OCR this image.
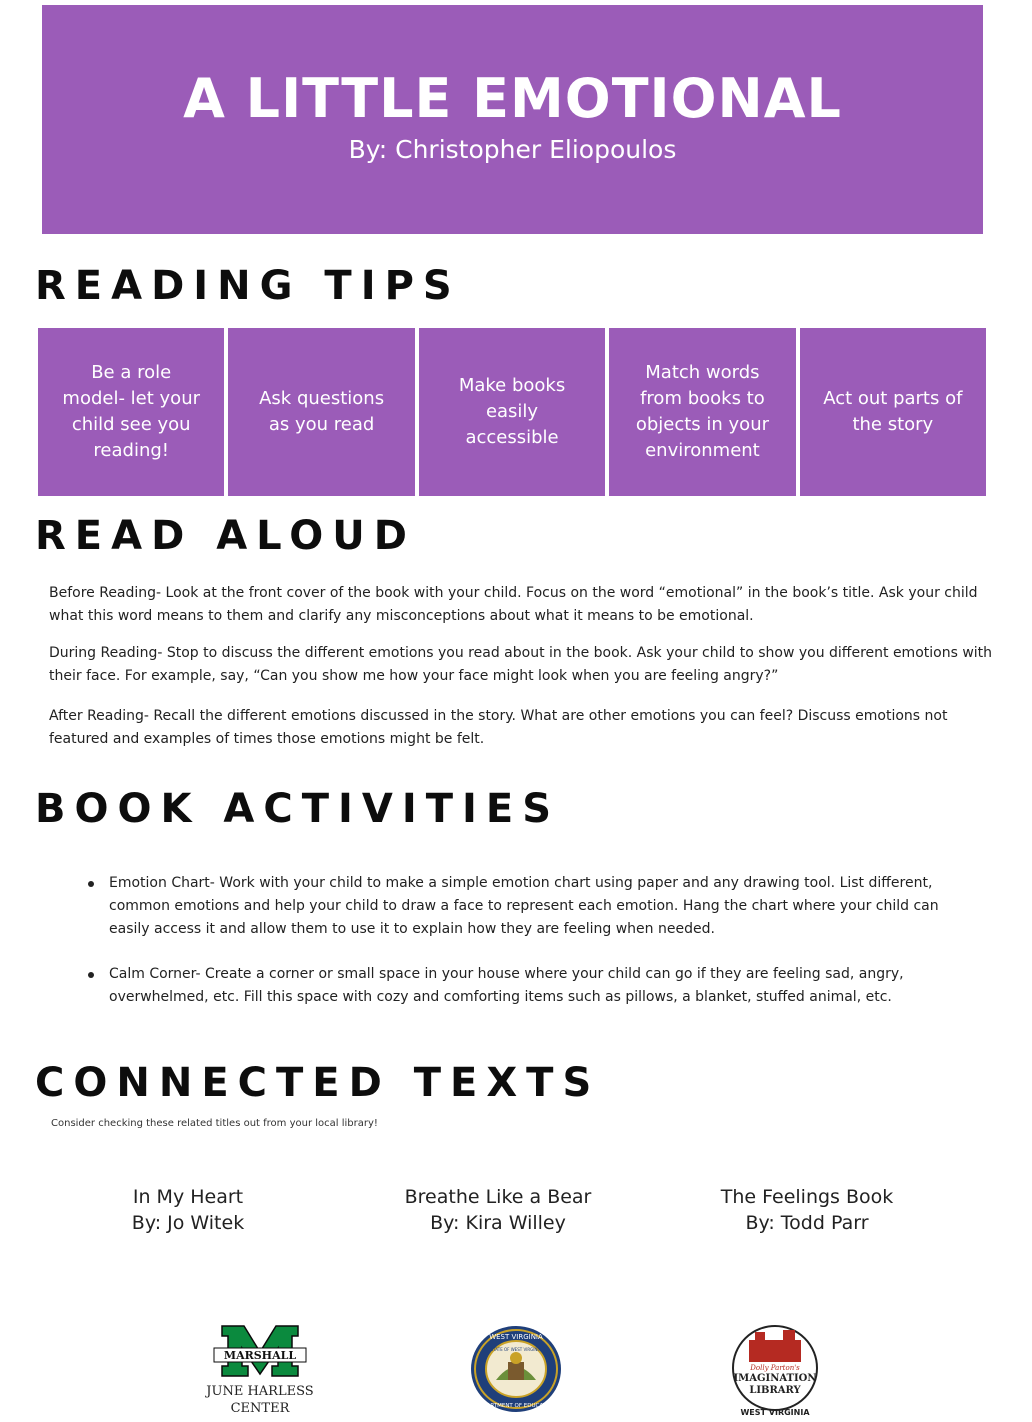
A LITTLE EMOTIONAL
By: Christopher Eliopoulos
READING TIPS
Be a role model- let your child see you reading!
Ask questions as you read
Make books easily accessible
Match words from books to objects in your environment
Act out parts of the story
READ ALOUD

Before Reading- Look at the front cover of the book with your child. Focus on the word “emotional” in the book’s title. Ask your child what this word means to them and clarify any misconceptions about what it means to be emotional.

During Reading- Stop to discuss the different emotions you read about in the book. Ask your child to show you different emotions with their face. For example, say, “Can you show me how your face might look when you are feeling angry?”

After Reading- Recall the different emotions discussed in the story. What are other emotions you can feel? Discuss emotions not featured and examples of times those emotions might be felt.

BOOK ACTIVITIES
Emotion Chart- Work with your child to make a simple emotion chart using paper and any drawing tool. List different, common emotions and help your child to draw a face to represent each emotion. Hang the chart where your child can easily access it and allow them to use it to explain how they are feeling when needed.
Calm Corner- Create a corner or small space in your house where your child can go if they are feeling sad, angry, overwhelmed, etc. Fill this space with cozy and comforting items such as pillows, a blanket, stuffed animal, etc.
CONNECTED TEXTS

Consider checking these related titles out from your local library!

In My Heart
By: Jo Witek
Breathe Like a Bear
By: Kira Willey
The Feelings Book
By: Todd Parr
MARSHALL
JUNE HARLESS
CENTER
WEST VIRGINIA
DEPARTMENT OF EDUCATION
STATE OF WEST VIRGINIA
Dolly Parton's
IMAGINATION
LIBRARY
WEST VIRGINIA
